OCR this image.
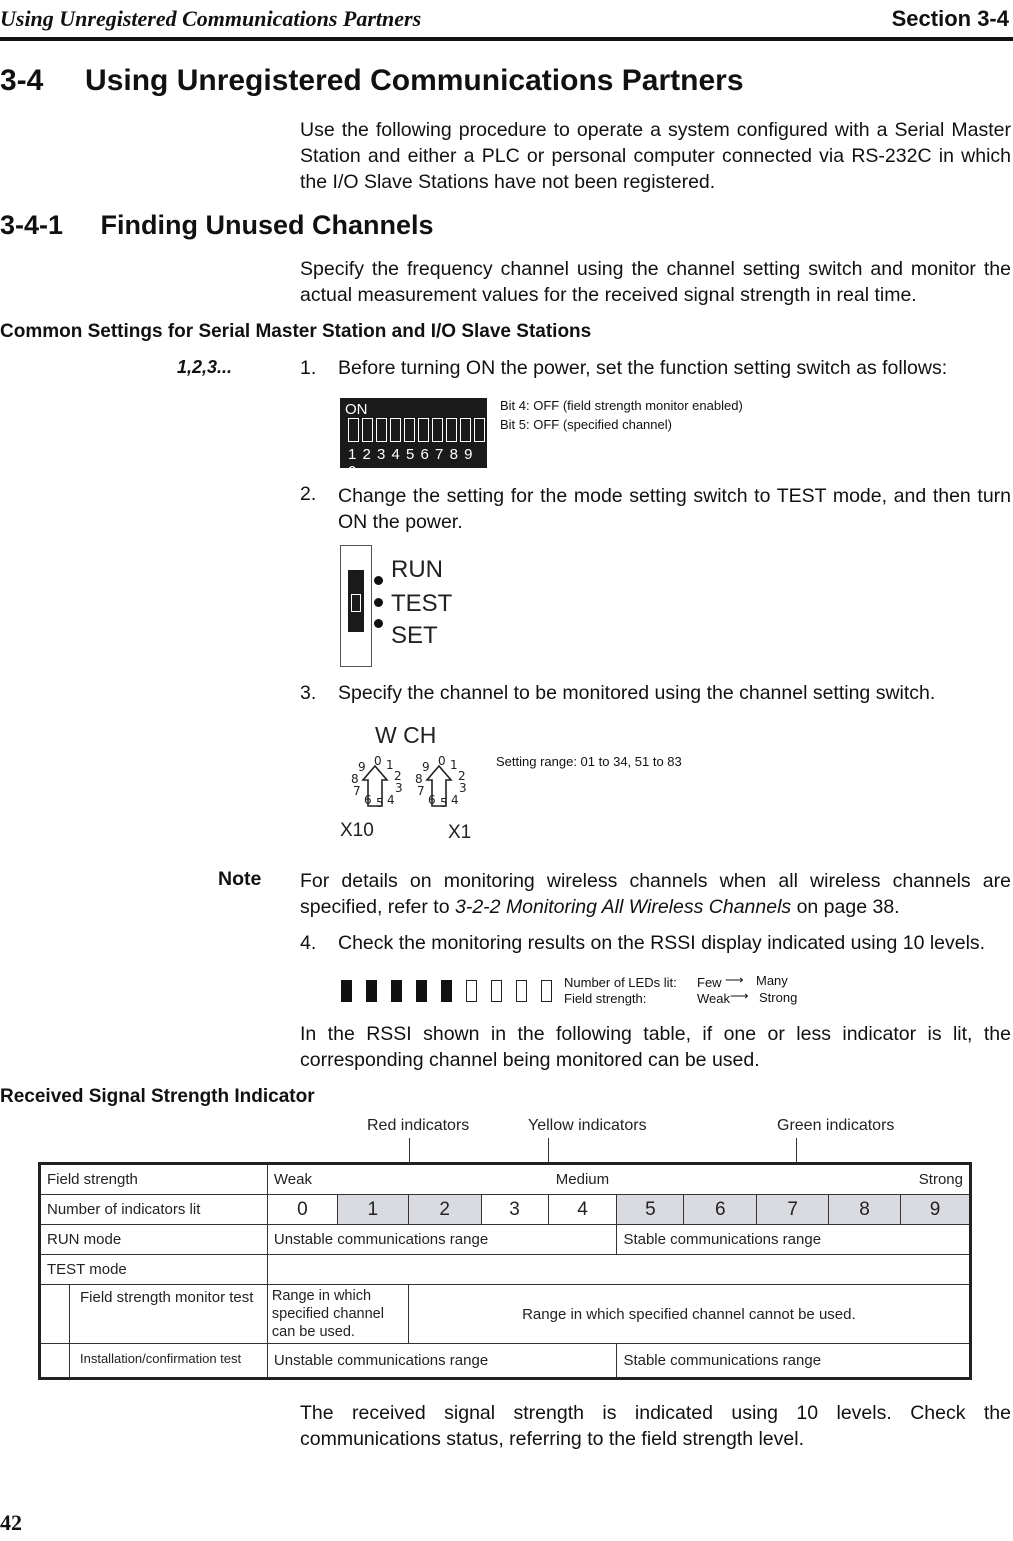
Using Unregistered Communications Partners	Section 3-4
3-4     Using Unregistered Communications Partners
Use the following procedure to operate a system configured with a Serial Master Station and either a PLC or personal computer connected via RS-232C in which the I/O Slave Stations have not been registered.
3-4-1     Finding Unused Channels
Specify the frequency channel using the channel setting switch and monitor the actual measurement values for the received signal strength in real time.
Common Settings for Serial Master Station and I/O Slave Stations
1,2,3...	1. Before turning ON the power, set the function setting switch as follows:
ON
1 2 3 4 5 6 7 8 9 0
Bit 4: OFF (field strength monitor enabled)
Bit 5: OFF (specified channel)
2. Change the setting for the mode setting switch to TEST mode, and then turn ON the power.
RUN
TEST
SET
3. Specify the channel to be monitored using the channel setting switch.
W CH
0 1
2
3
4
5
6
7
8
9	0 1
2
3
4
5
6
7
8
9
X10	X1
Setting range: 01 to 34, 51 to 83
Note For details on monitoring wireless channels when all wireless channels are specified, refer to 3-2-2 Monitoring All Wireless Channels on page 38.
4. Check the monitoring results on the RSSI display indicated using 10 levels.
Number of LEDs lit:
Field strength:
Few ⟶ Many
Weak ⟶ Strong
In the RSSI shown in the following table, if one or less indicator is lit, the corresponding channel being monitored can be used.
Received Signal Strength Indicator
Red indicators	Yellow indicators	Green indicators
Field strength	Weak		Medium					Strong		
Number of indicators lit	0	1	2	3	4	5	6	7	8	9
RUN mode	Unstable communications range					Stable communications range				
TEST mode										

Field strength monitor test	Range in which specified channel can be used.		Range in which specified channel cannot be used.							

Installation/confirmation test	Unstable communications range					Stable communications range				
The received signal strength is indicated using 10 levels. Check the communications status, referring to the field strength level.
42
